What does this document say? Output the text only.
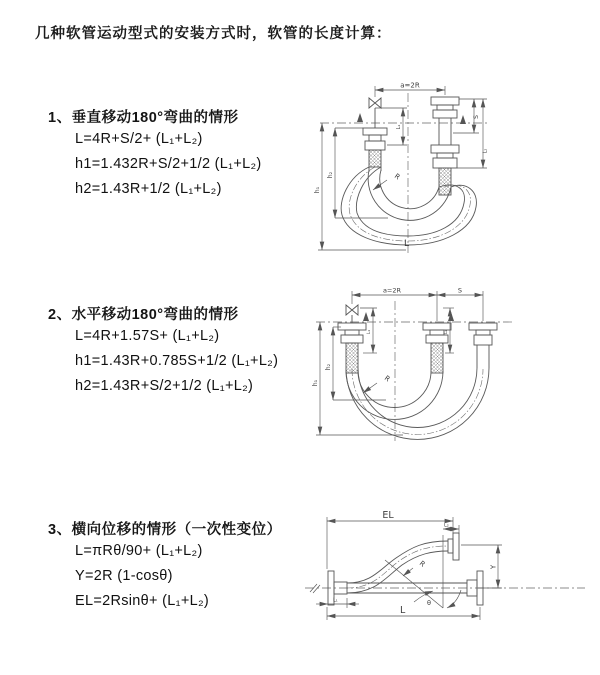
几种软管运动型式的安装方式时，软管的长度计算：

1、垂直移动180°弯曲的情形

L=4R+S/2+ (L₁+L₂)

h1=1.432R+S/2+1/2 (L₁+L₂)

h2=1.43R+1/2 (L₁+L₂)

2、水平移动180°弯曲的情形

L=4R+1.57S+ (L₁+L₂)

h1=1.43R+0.785S+1/2 (L₁+L₂)

h2=1.43R+S/2+1/2 (L₁+L₂)

3、横向位移的情形（一次性变位）

L=πRθ/90+ (L₁+L₂)

Y=2R (1-cosθ)

EL=2Rsinθ+ (L₁+L₂)

a=2R
h₁
h₂
L₁
S
L₂
R
L
a=2R	S
h₁
h₂
L₁	L₂
R
EL
L₂
Y
L
L₁	θ
R
